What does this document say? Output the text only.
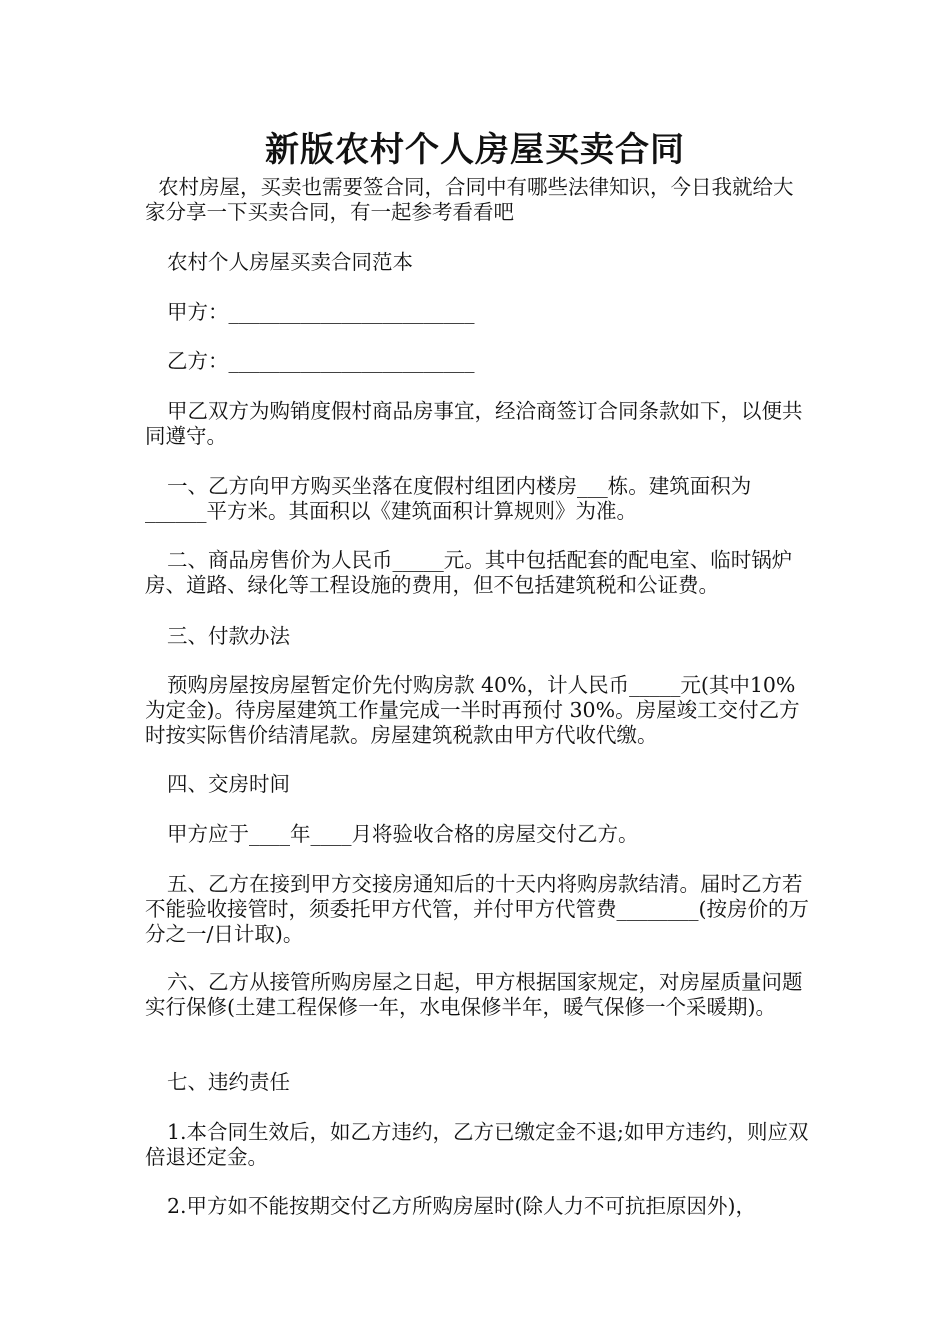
新版农村个人房屋买卖合同

农村房屋，买卖也需要签合同，合同中有哪些法律知识，今日我就给大家分享一下买卖合同，有一起参考看看吧

农村个人房屋买卖合同范本

甲方：________________________

乙方：________________________

甲乙双方为购销度假村商品房事宜，经洽商签订合同条款如下，以便共同遵守。

一、乙方向甲方购买坐落在度假村组团内楼房___栋。建筑面积为______平方米。其面积以《建筑面积计算规则》为准。

二、商品房售价为人民币_____元。其中包括配套的配电室、临时锅炉房、道路、绿化等工程设施的费用，但不包括建筑税和公证费。

三、付款办法

预购房屋按房屋暂定价先付购房款 40%，计人民币_____元(其中10%为定金)。待房屋建筑工作量完成一半时再预付 30%。房屋竣工交付乙方时按实际售价结清尾款。房屋建筑税款由甲方代收代缴。

四、交房时间

甲方应于____年____月将验收合格的房屋交付乙方。

五、乙方在接到甲方交接房通知后的十天内将购房款结清。届时乙方若不能验收接管时，须委托甲方代管，并付甲方代管费________(按房价的万分之一/日计取)。

六、乙方从接管所购房屋之日起，甲方根据国家规定，对房屋质量问题实行保修(土建工程保修一年，水电保修半年，暖气保修一个采暖期)。

七、违约责任

1.本合同生效后，如乙方违约，乙方已缴定金不退;如甲方违约，则应双倍退还定金。

2.甲方如不能按期交付乙方所购房屋时(除人力不可抗拒原因外)，
